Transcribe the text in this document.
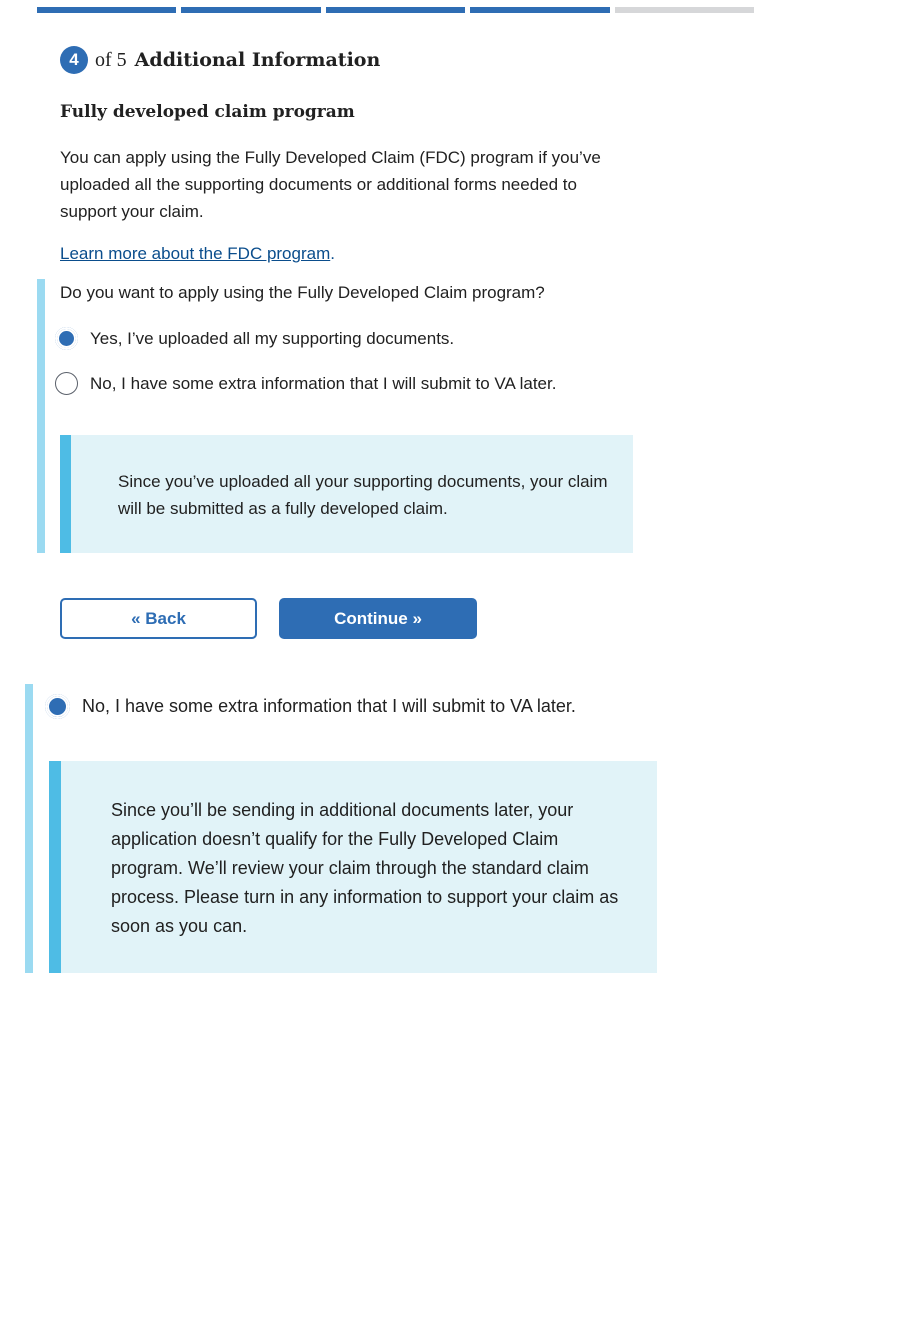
4 of 5 Additional Information
Fully developed claim program

You can apply using the Fully Developed Claim (FDC) program if you’ve uploaded all the supporting documents or additional forms needed to support your claim.

Learn more about the FDC program.
Do you want to apply using the Fully Developed Claim program?
Yes, I’ve uploaded all my supporting documents.
No, I have some extra information that I will submit to VA later.

Since you’ve uploaded all your supporting documents, your claim will be submitted as a fully developed claim.

« Back	Continue »
No, I have some extra information that I will submit to VA later.

Since you’ll be sending in additional documents later, your application doesn’t qualify for the Fully Developed Claim program. We’ll review your claim through the standard claim process. Please turn in any information to support your claim as soon as you can.
